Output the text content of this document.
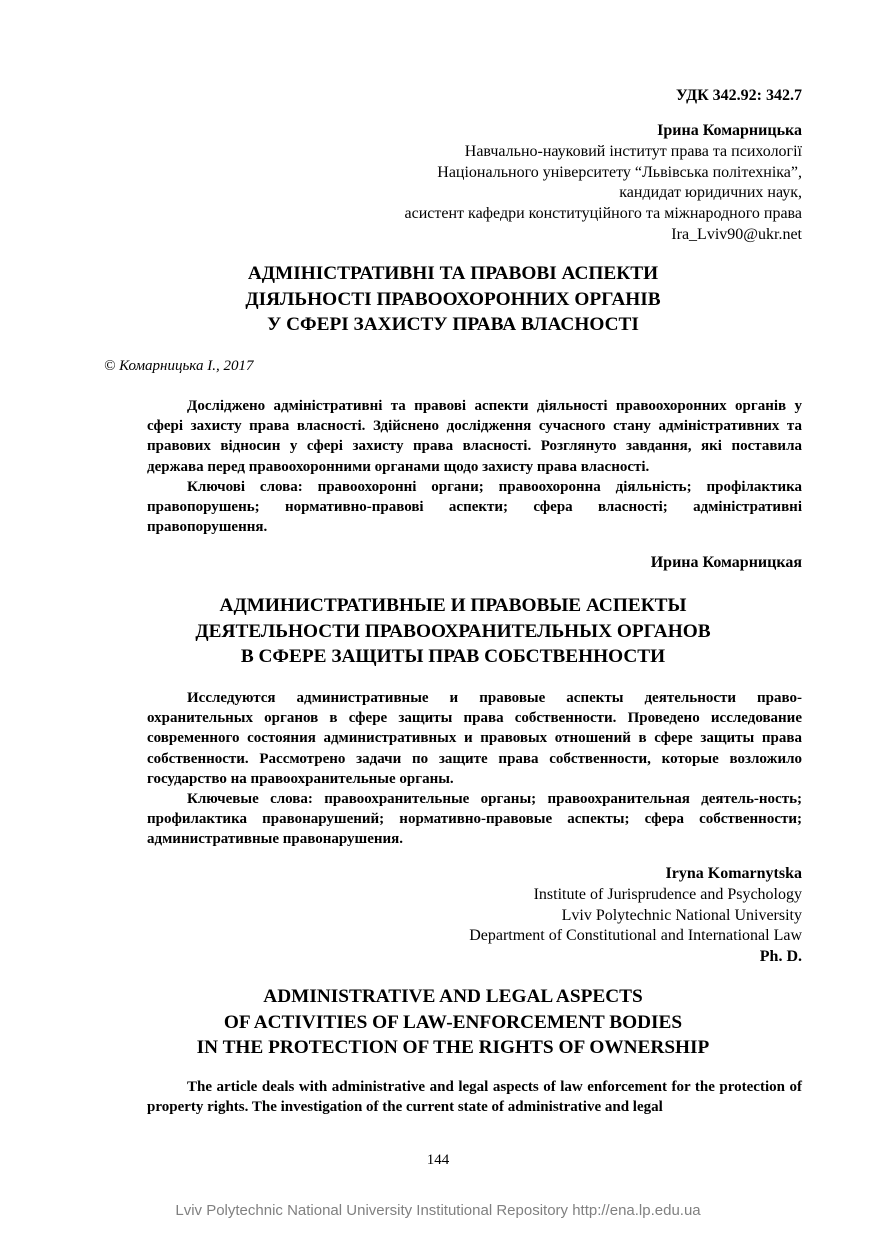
УДК 342.92: 342.7
Ірина Комарницька
Навчально-науковий інститут права та психології
Національного університету “Львівська політехніка”,
кандидат юридичних наук,
асистент кафедри конституційного та міжнародного права
Ira_Lviv90@ukr.net
АДМІНІСТРАТИВНІ ТА ПРАВОВІ АСПЕКТИ
ДІЯЛЬНОСТІ ПРАВООХОРОННИХ ОРГАНІВ
У СФЕРІ ЗАХИСТУ ПРАВА ВЛАСНОСТІ
© Комарницька І., 2017

Досліджено адміністративні та правові аспекти діяльності правоохоронних органів у сфері захисту права власності. Здійснено дослідження сучасного стану адміністративних та правових відносин у сфері захисту права власності. Розглянуто завдання, які поставила держава перед правоохоронними органами щодо захисту права власності.

Ключові слова: правоохоронні органи; правоохоронна діяльність; профілактика правопорушень; нормативно-правові аспекти; сфера власності; адміністративні правопорушення.

Ирина Комарницкая
АДМИНИСТРАТИВНЫЕ И ПРАВОВЫЕ АСПЕКТЫ
ДЕЯТЕЛЬНОСТИ ПРАВООХРАНИТЕЛЬНЫХ ОРГАНОВ
В СФЕРЕ ЗАЩИТЫ ПРАВ СОБСТВЕННОСТИ

Исследуются административные и правовые аспекты деятельности право-охранительных органов в сфере защиты права собственности. Проведено исследование современного состояния административных и правовых отношений в сфере защиты права собственности. Рассмотрено задачи по защите права собственности, которые возложило государство на правоохранительные органы.

Ключевые слова: правоохранительные органы; правоохранительная деятель-ность; профилактика правонарушений; нормативно-правовые аспекты; сфера собственности; административные правонарушения.

Iryna Komarnytska
Institute of Jurisprudence and Psychology
Lviv Polytechnic National University
Department of Constitutional and International Law
Ph. D.
ADMINISTRATIVE AND LEGAL ASPECTS
OF ACTIVITIES OF LAW-ENFORCEMENT BODIES
IN THE PROTECTION OF THE RIGHTS OF OWNERSHIP

The article deals with administrative and legal aspects of law enforcement for the protection of property rights. The investigation of the current state of administrative and legal

144
Lviv Polytechnic National University Institutional Repository http://ena.lp.edu.ua
